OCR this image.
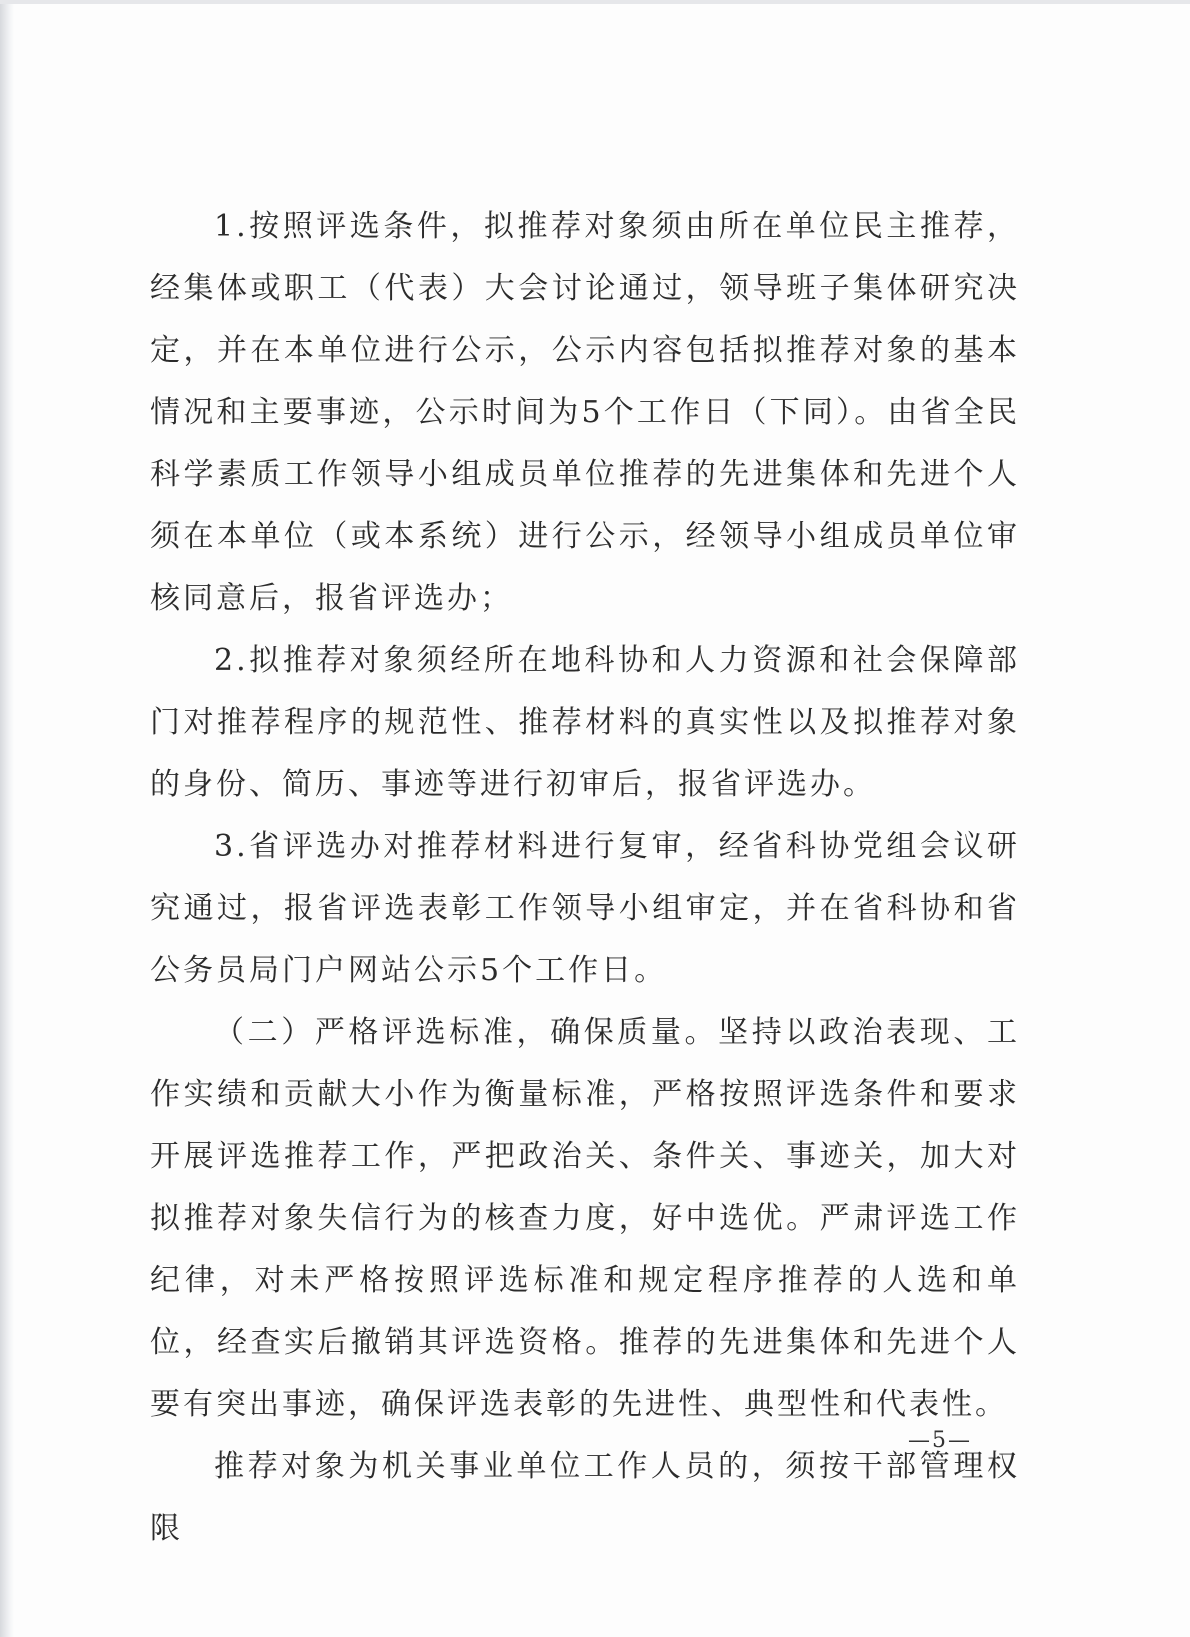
1.按照评选条件，拟推荐对象须由所在单位民主推荐，经集体或职工（代表）大会讨论通过，领导班子集体研究决定，并在本单位进行公示，公示内容包括拟推荐对象的基本情况和主要事迹，公示时间为5个工作日（下同）。由省全民科学素质工作领导小组成员单位推荐的先进集体和先进个人须在本单位（或本系统）进行公示，经领导小组成员单位审核同意后，报省评选办；

2.拟推荐对象须经所在地科协和人力资源和社会保障部门对推荐程序的规范性、推荐材料的真实性以及拟推荐对象的身份、简历、事迹等进行初审后，报省评选办。

3.省评选办对推荐材料进行复审，经省科协党组会议研究通过，报省评选表彰工作领导小组审定，并在省科协和省公务员局门户网站公示5个工作日。

（二）严格评选标准，确保质量。坚持以政治表现、工作实绩和贡献大小作为衡量标准，严格按照评选条件和要求开展评选推荐工作，严把政治关、条件关、事迹关，加大对拟推荐对象失信行为的核查力度，好中选优。严肃评选工作纪律，对未严格按照评选标准和规定程序推荐的人选和单位，经查实后撤销其评选资格。推荐的先进集体和先进个人要有突出事迹，确保评选表彰的先进性、典型性和代表性。

推荐对象为机关事业单位工作人员的，须按干部管理权限

—5—
